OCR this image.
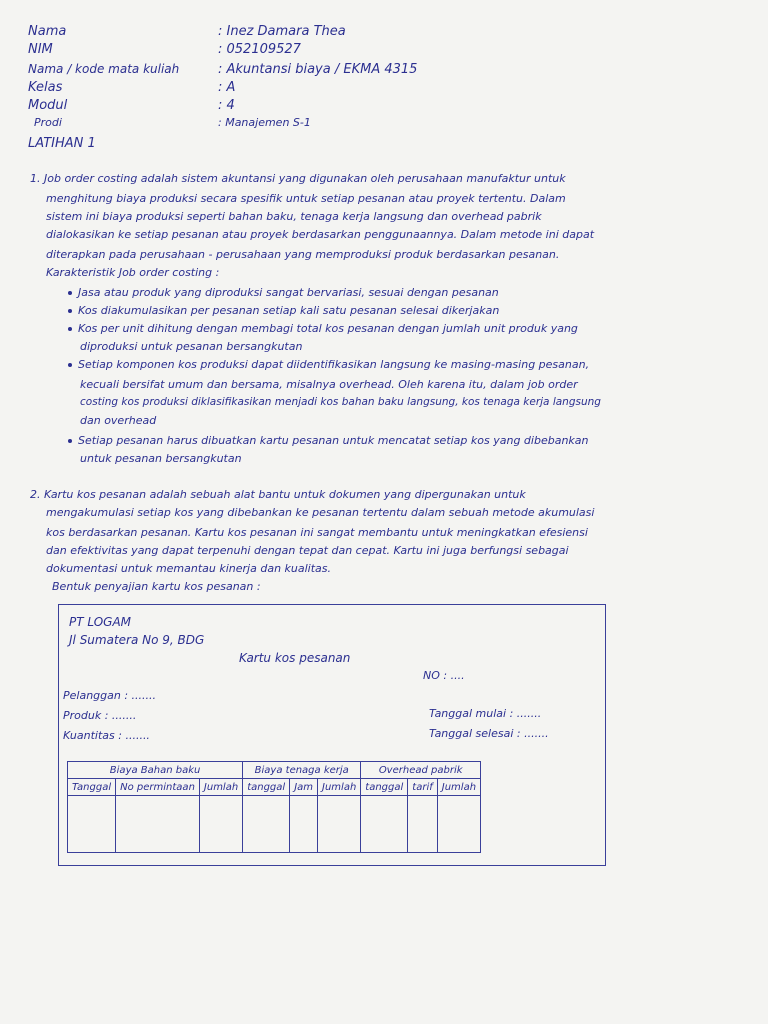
Nama	: Inez Damara Thea
NIM	: 052109527
Nama / kode mata kuliah	: Akuntansi biaya / EKMA 4315
Kelas	: A
Modul	: 4
Prodi	: Manajemen S-1
LATIHAN 1
1. Job order costing adalah sistem akuntansi yang digunakan oleh perusahaan manufaktur untuk
menghitung biaya produksi secara spesifik untuk setiap pesanan atau proyek tertentu. Dalam
sistem ini biaya produksi seperti bahan baku, tenaga kerja langsung dan overhead pabrik
dialokasikan ke setiap pesanan atau proyek berdasarkan penggunaannya. Dalam metode ini dapat
diterapkan pada perusahaan - perusahaan yang memproduksi produk berdasarkan pesanan.
Karakteristik Job order costing :
Jasa atau produk yang diproduksi sangat bervariasi, sesuai dengan pesanan
Kos diakumulasikan per pesanan setiap kali satu pesanan selesai dikerjakan
Kos per unit dihitung dengan membagi total kos pesanan dengan jumlah unit produk yang
diproduksi untuk pesanan bersangkutan
Setiap komponen kos produksi dapat diidentifikasikan langsung ke masing-masing pesanan,
kecuali bersifat umum dan bersama, misalnya overhead. Oleh karena itu, dalam job order
costing kos produksi diklasifikasikan menjadi kos bahan baku langsung, kos tenaga kerja langsung
dan overhead
Setiap pesanan harus dibuatkan kartu pesanan untuk mencatat setiap kos yang dibebankan
untuk pesanan bersangkutan
2. Kartu kos pesanan adalah sebuah alat bantu untuk dokumen yang dipergunakan untuk
mengakumulasi setiap kos yang dibebankan ke pesanan tertentu dalam sebuah metode akumulasi
kos berdasarkan pesanan. Kartu kos pesanan ini sangat membantu untuk meningkatkan efesiensi
dan efektivitas yang dapat terpenuhi dengan tepat dan cepat. Kartu ini juga berfungsi sebagai
dokumentasi untuk memantau kinerja dan kualitas.
Bentuk penyajian kartu kos pesanan :
PT LOGAM
Jl Sumatera No 9, BDG
Kartu kos pesanan
NO : ....
Pelanggan : .......
Produk : .......	Tanggal mulai : .......
Kuantitas : .......	Tanggal selesai : .......
Biaya Bahan baku			Biaya tenaga kerja			Overhead pabrik		
Tanggal	No permintaan	Jumlah	tanggal	Jam	Jumlah	tanggal	tarif	Jumlah
